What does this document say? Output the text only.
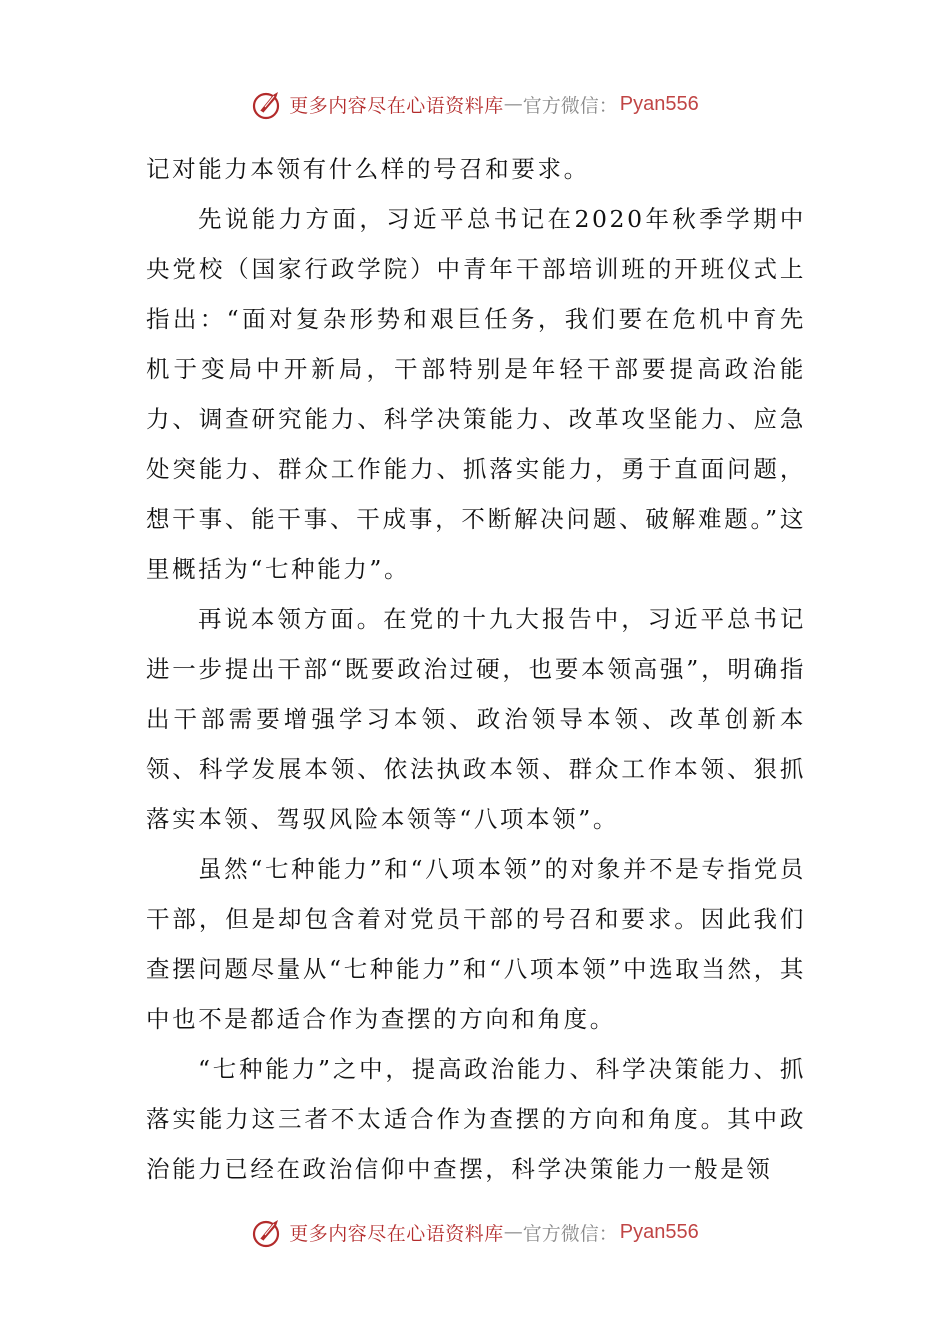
更多内容尽在心语资料库 — 官方微信： Pyan556

记对能力本领有什么样的号召和要求。

先说能力方面，习近平总书记在2020年秋季学期中央党校（国家行政学院）中青年干部培训班的开班仪式上指出：“面对复杂形势和艰巨任务，我们要在危机中育先机于变局中开新局，干部特别是年轻干部要提高政治能力、调查研究能力、科学决策能力、改革攻坚能力、应急处突能力、群众工作能力、抓落实能力，勇于直面问题，想干事、能干事、干成事，不断解决问题、破解难题。”这里概括为“七种能力”。

再说本领方面。在党的十九大报告中，习近平总书记进一步提出干部“既要政治过硬，也要本领高强”，明确指出干部需要增强学习本领、政治领导本领、改革创新本领、科学发展本领、依法执政本领、群众工作本领、狠抓落实本领、驾驭风险本领等“八项本领”。

虽然“七种能力”和“八项本领”的对象并不是专指党员干部，但是却包含着对党员干部的号召和要求。因此我们查摆问题尽量从“七种能力”和“八项本领”中选取当然，其中也不是都适合作为查摆的方向和角度。

“七种能力”之中，提高政治能力、科学决策能力、抓落实能力这三者不太适合作为查摆的方向和角度。其中政治能力已经在政治信仰中查摆，科学决策能力一般是领

更多内容尽在心语资料库 — 官方微信： Pyan556
